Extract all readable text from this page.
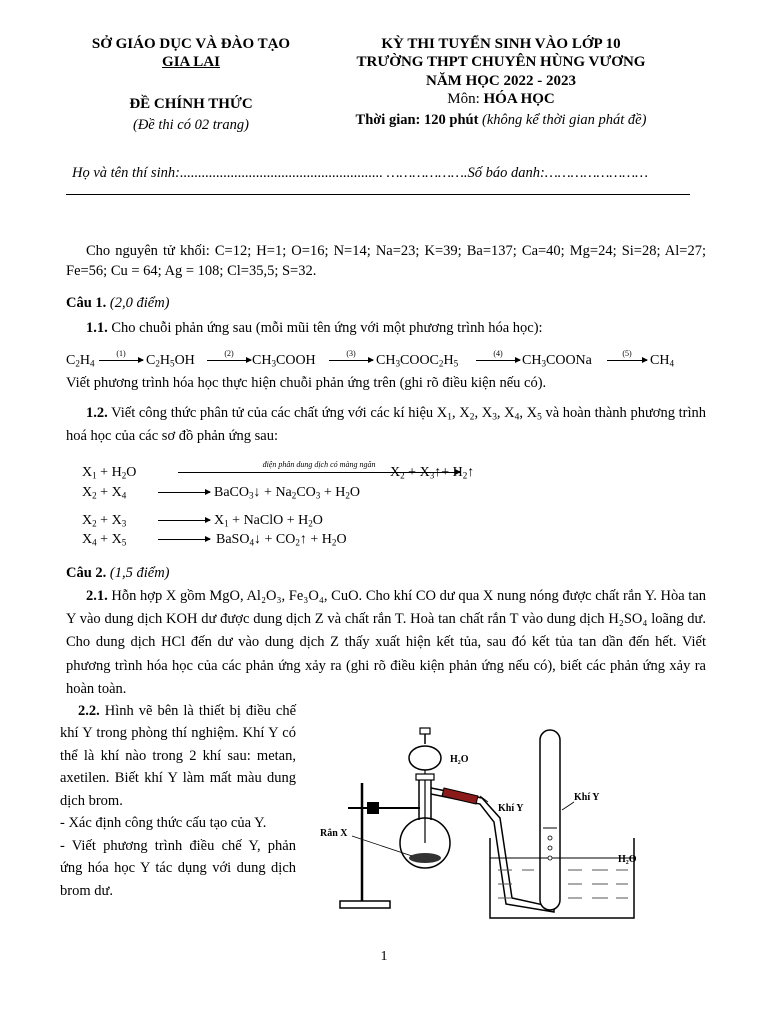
SỞ GIÁO DỤC VÀ ĐÀO TẠO
GIA LAI
ĐỀ CHÍNH THỨC
(Đề thi có 02 trang)
KỲ THI TUYỂN SINH VÀO LỚP 10
TRƯỜNG THPT CHUYÊN HÙNG VƯƠNG
NĂM HỌC 2022 - 2023
Môn: HÓA HỌC
Thời gian: 120 phút (không kể thời gian phát đề)
Họ và tên thí sinh:........................................................ ……………….Số báo danh:……………………
Cho nguyên tử khối: C=12; H=1; O=16; N=14; Na=23; K=39; Ba=137; Ca=40; Mg=24; Si=28; Al=27; Fe=56; Cu = 64; Ag = 108; Cl=35,5; S=32.
Câu 1. (2,0 điểm)
1.1. Cho chuỗi phản ứng sau (mỗi mũi tên ứng với một phương trình hóa học):
$C_2H_4$
(1)	$C_2H_5OH$	(2)	$CH_3COOH$	(3)	$CH_3COOC_2H_5$
(4)	$CH_3COONa$	(5)	$CH_4$
Viết phương trình hóa học thực hiện chuỗi phản ứng trên (ghi rõ điều kiện nếu có).
1.2. Viết công thức phân tử của các chất ứng với các kí hiệu $X_1$, $X_2$, $X_3$, $X_4$, $X_5$ và hoàn thành phương trình hoá học của các sơ đồ phản ứng sau:
$X_1 + H_2O$
điện phân dung dịch có màng ngăn
$X_2$ + $X_3↑+$ $H_2↑$
$X_2 + X_4$	BaCO$_3$↓ + $Na_2CO_3 + H_2O$
$X_2 + X_3$	$X_1$ + NaClO + $H_2O$
$X_4 + X_5$	BaSO$_4$↓ + $CO_2↑ + H_2O$
Câu 2. (1,5 điểm)
2.1. Hỗn hợp X gồm MgO, Al₂O₃, Fe₃O₄, CuO. Cho khí CO dư qua X nung nóng được chất rắn Y. Hòa tan Y vào dung dịch KOH dư được dung dịch Z và chất rắn T. Hoà tan chất rắn T vào dung dịch H₂SO₄ loãng dư. Cho dung dịch HCl đến dư vào dung dịch Z thấy xuất hiện kết tủa, sau đó kết tủa tan dần đến hết. Viết phương trình hóa học của các phản ứng xảy ra (ghi rõ điều kiện phản ứng nếu có), biết các phản ứng xảy ra hoàn toàn.
2.2. Hình vẽ bên là thiết bị điều chế khí Y trong phòng thí nghiệm. Khí Y có thể là khí nào trong 2 khí sau: metan, axetilen. Biết khí Y làm mất màu dung dịch brom.
- Xác định công thức cấu tạo của Y.
- Viết phương trình điều chế Y, phản ứng hóa học Y tác dụng với dung dịch brom dư.
H₂O
Khí Y
Khí Y
Rắn X
H₂O
1
